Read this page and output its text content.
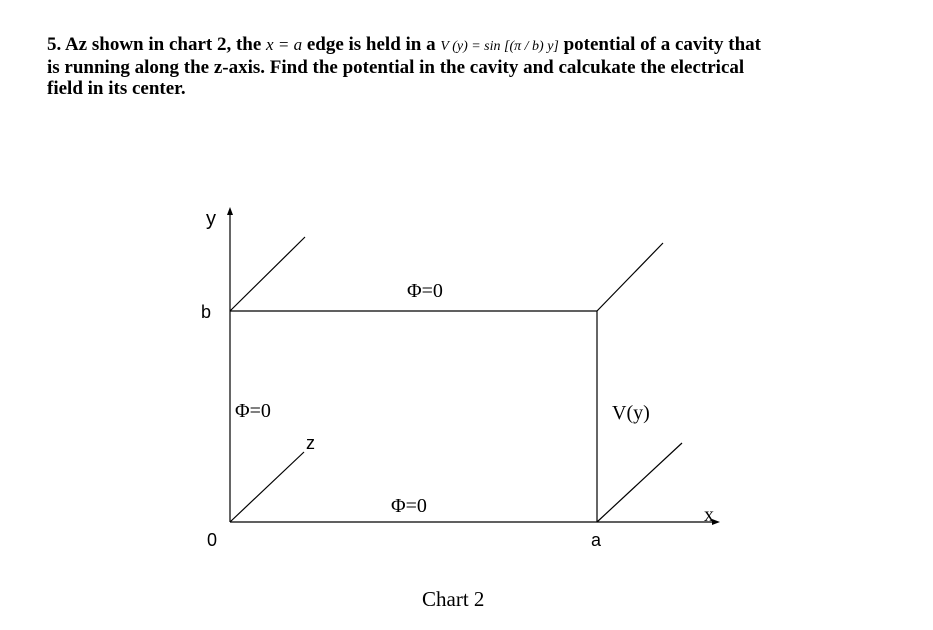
5. Az shown in chart 2, the x = a edge is held in a V (y) = sin [(π / b) y] potential of a cavity that
is running along the z-axis. Find the potential in the cavity and calcukate the electrical
field in its center.
y
x
z
b
0	a
Φ=0
Φ=0
Φ=0
V(y)
Chart 2
